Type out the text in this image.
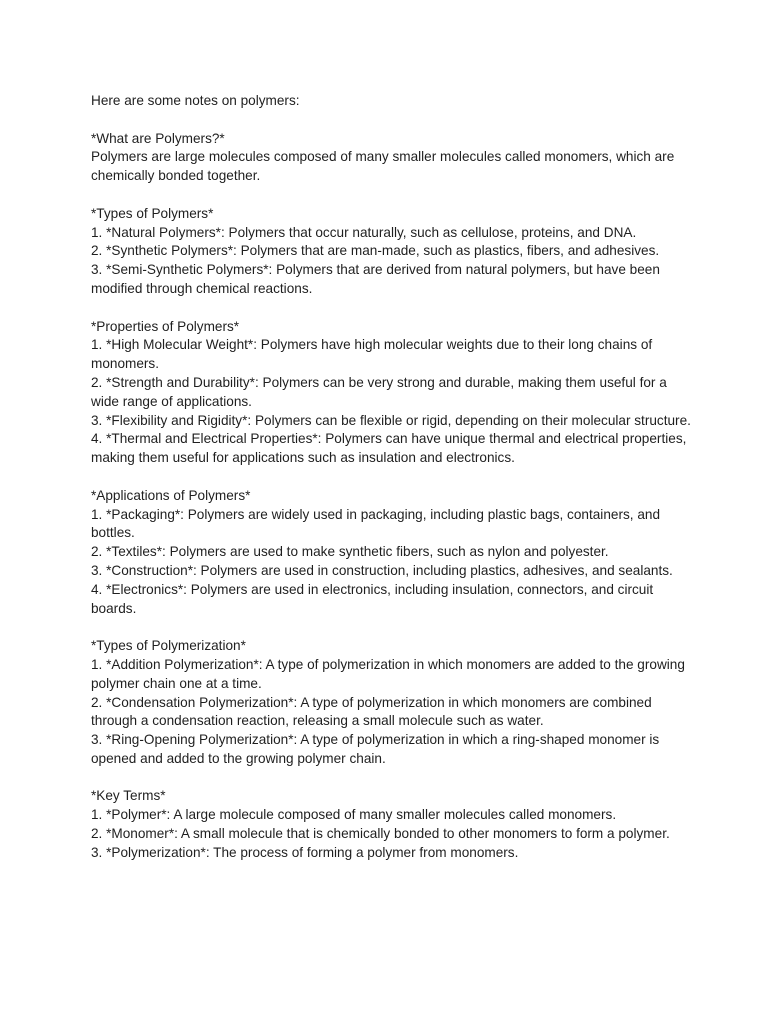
Here are some notes on polymers:

*What are Polymers?*

Polymers are large molecules composed of many smaller molecules called monomers, which are chemically bonded together.

*Types of Polymers*

1. *Natural Polymers*: Polymers that occur naturally, such as cellulose, proteins, and DNA.

2. *Synthetic Polymers*: Polymers that are man-made, such as plastics, fibers, and adhesives.

3. *Semi-Synthetic Polymers*: Polymers that are derived from natural polymers, but have been modified through chemical reactions.

*Properties of Polymers*

1. *High Molecular Weight*: Polymers have high molecular weights due to their long chains of monomers.

2. *Strength and Durability*: Polymers can be very strong and durable, making them useful for a wide range of applications.

3. *Flexibility and Rigidity*: Polymers can be flexible or rigid, depending on their molecular structure.

4. *Thermal and Electrical Properties*: Polymers can have unique thermal and electrical properties, making them useful for applications such as insulation and electronics.

*Applications of Polymers*

1. *Packaging*: Polymers are widely used in packaging, including plastic bags, containers, and bottles.

2. *Textiles*: Polymers are used to make synthetic fibers, such as nylon and polyester.

3. *Construction*: Polymers are used in construction, including plastics, adhesives, and sealants.

4. *Electronics*: Polymers are used in electronics, including insulation, connectors, and circuit boards.

*Types of Polymerization*

1. *Addition Polymerization*: A type of polymerization in which monomers are added to the growing polymer chain one at a time.

2. *Condensation Polymerization*: A type of polymerization in which monomers are combined through a condensation reaction, releasing a small molecule such as water.

3. *Ring-Opening Polymerization*: A type of polymerization in which a ring-shaped monomer is opened and added to the growing polymer chain.

*Key Terms*

1. *Polymer*: A large molecule composed of many smaller molecules called monomers.

2. *Monomer*: A small molecule that is chemically bonded to other monomers to form a polymer.

3. *Polymerization*: The process of forming a polymer from monomers.
